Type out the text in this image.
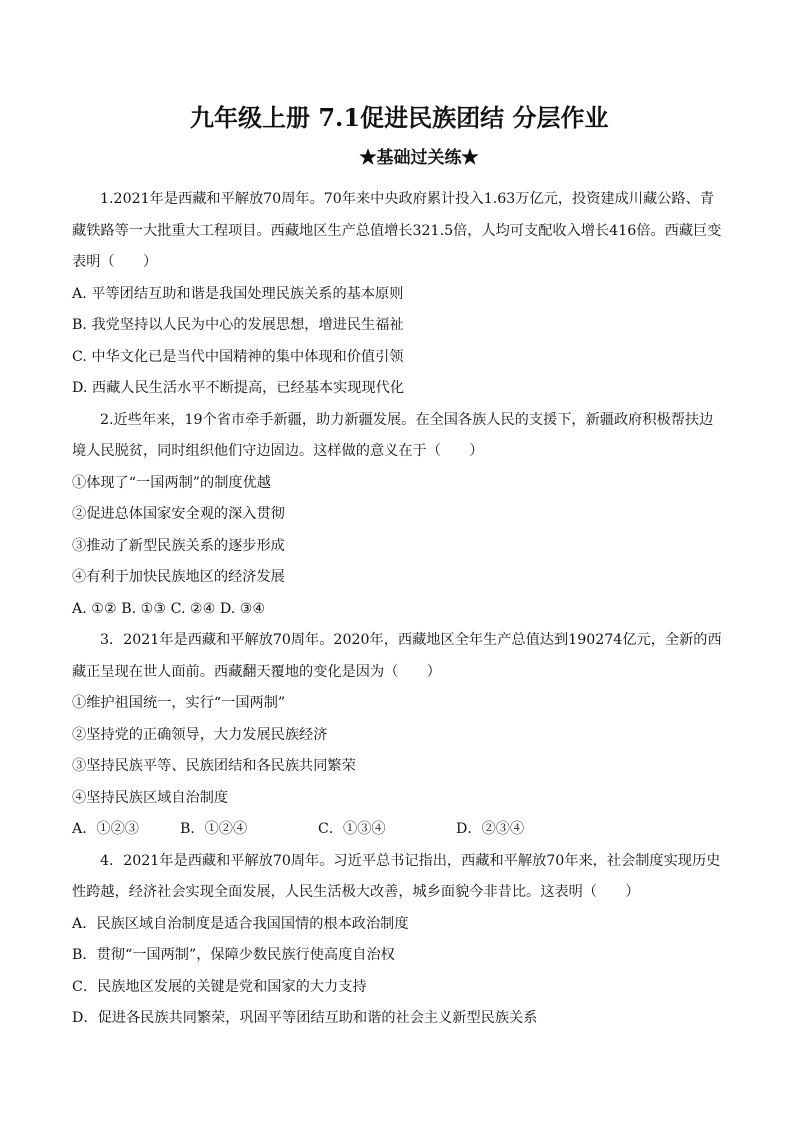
九年级上册 7.1促进民族团结 分层作业
★基础过关练★

1.2021年是西藏和平解放70周年。70年来中央政府累计投入1.63万亿元，投资建成川藏公路、青藏铁路等一大批重大工程项目。西藏地区生产总值增长321.5倍，人均可支配收入增长416倍。西藏巨变表明（　　）

A. 平等团结互助和谐是我国处理民族关系的基本原则

B. 我党坚持以人民为中心的发展思想，增进民生福祉

C. 中华文化已是当代中国精神的集中体现和价值引领

D. 西藏人民生活水平不断提高，已经基本实现现代化

2.近些年来，19个省市牵手新疆，助力新疆发展。在全国各族人民的支援下，新疆政府积极帮扶边境人民脱贫，同时组织他们守边固边。这样做的意义在于（　　）

①体现了“一国两制”的制度优越

②促进总体国家安全观的深入贯彻

③推动了新型民族关系的逐步形成

④有利于加快民族地区的经济发展

A. ①② B. ①③ C. ②④ D. ③④

3．2021年是西藏和平解放70周年。2020年，西藏地区全年生产总值达到190274亿元，全新的西藏正呈现在世人面前。西藏翻天覆地的变化是因为（　　）

①维护祖国统一，实行“一国两制”

②坚持党的正确领导，大力发展民族经济

③坚持民族平等、民族团结和各民族共同繁荣

④坚持民族区域自治制度

A．①②③	B．①②④	C．①③④	D．②③④

4．2021年是西藏和平解放70周年。习近平总书记指出，西藏和平解放70年来，社会制度实现历史性跨越，经济社会实现全面发展，人民生活极大改善，城乡面貌今非昔比。这表明（　　）

A．民族区域自治制度是适合我国国情的根本政治制度

B．贯彻“一国两制”，保障少数民族行使高度自治权

C．民族地区发展的关键是党和国家的大力支持

D．促进各民族共同繁荣，巩固平等团结互助和谐的社会主义新型民族关系
